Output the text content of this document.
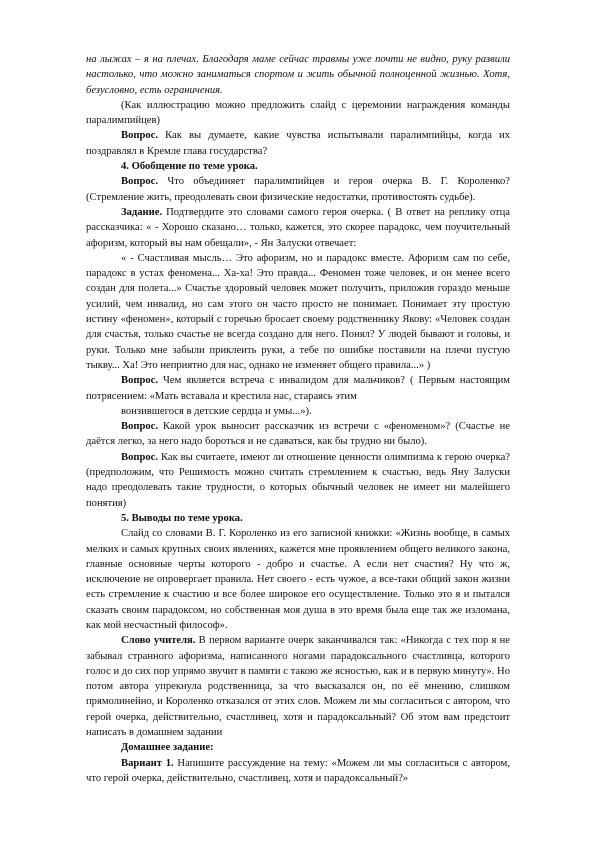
на лыжах – я на плечах. Благодаря маме сейчас травмы уже почти не видно, руку развили настолько, что можно заниматься спортом и жить обычной полноценной жизнью. Хотя, безусловно, есть ограничения.

(Как иллюстрацию можно предложить слайд с церемонии награждения команды паралимпийцев)

Вопрос. Как вы думаете, какие чувства испытывали паралимпийцы, когда их поздравлял в Кремле глава государства?

4. Обобщение по теме урока.

Вопрос. Что объединяет паралимпийцев и героя очерка В. Г. Короленко? (Стремление жить, преодолевать свои физические недостатки, противостоять судьбе).

Задание. Подтвердите это словами самого героя очерка. ( В ответ на реплику отца рассказчика: « - Хорошо сказано… только, кажется, это скорее парадокс, чем поучительный афоризм, который вы нам обещали», - Ян Залуски отвечает:

« - Счастливая мысль… Это афоризм, но и парадокс вместе. Афоризм сам по себе, парадокс в устах феномена... Ха-ха! Это правда... Феномен тоже человек, и он менее всего создан для полета...» Счастье здоровый человек может получить, приложив гораздо меньше усилий, чем инвалид, но сам этого он часто просто не понимает. Понимает эту простую истину «феномен», который с горечью бросает своему родственнику Якову: «Человек создан для счастья, только счастье не всегда создано для него. Понял? У людей бывают и головы, и руки. Только мне забыли приклеить руки, а тебе по ошибке поставили на плечи пустую тыкву... Ха! Это неприятно для нас, однако не изменяет общего правила...» )

Вопрос. Чем является встреча с инвалидом для мальчиков? ( Первым настоящим потрясением: «Мать вставала и крестила нас, стараясь этим

вонзившегося в детские сердца и умы...»).

Вопрос. Какой урок выносит рассказчик из встречи с «феноменом»? (Счастье не даётся легко, за него надо бороться и не сдаваться, как бы трудно ни было).

Вопрос. Как вы считаете, имеют ли отношение ценности олимпизма к герою очерка? (предположим, что Решимость можно считать стремлением к счастью, ведь Яну Залуски надо преодолевать такие трудности, о которых обычный человек не имеет ни малейшего понятия)

5. Выводы по теме урока.

Слайд со словами В. Г. Короленко из его записной книжки: «Жизнь вообще, в самых мелких и самых крупных своих явлениях, кажется мне проявлением общего великого закона, главные основные черты которого - добро и счастье. А если нет счастия? Ну что ж, исключение не опровергает правила. Нет своего - есть чужое, а все-таки общий закон жизни есть стремление к счастию и все более широкое его осуществление. Только это я и пытался сказать своим парадоксом, но собственная моя душа в это время была еще так же изломана, как мой несчастный философ».

Слово учителя. В первом варианте очерк заканчивался так: «Никогда с тех пор я не забывал странного афоризма, написанного ногами парадоксального счастливца, которого голос и до сих пор упрямо звучит в памяти с такою же ясностью, как и в первую минуту». Но потом автора упрекнула родственница, за что высказался он, по её мнению, слишком прямолинейно, и Короленко отказался от этих слов. Можем ли мы согласиться с автором, что герой очерка, действительно, счастливец, хотя и парадоксальный? Об этом вам предстоит написать в домашнем задании

Домашнее задание:

Вариант 1. Напишите рассуждение на тему: «Можем ли мы согласиться с автором, что герой очерка, действительно, счастливец, хотя и парадоксальный?»
